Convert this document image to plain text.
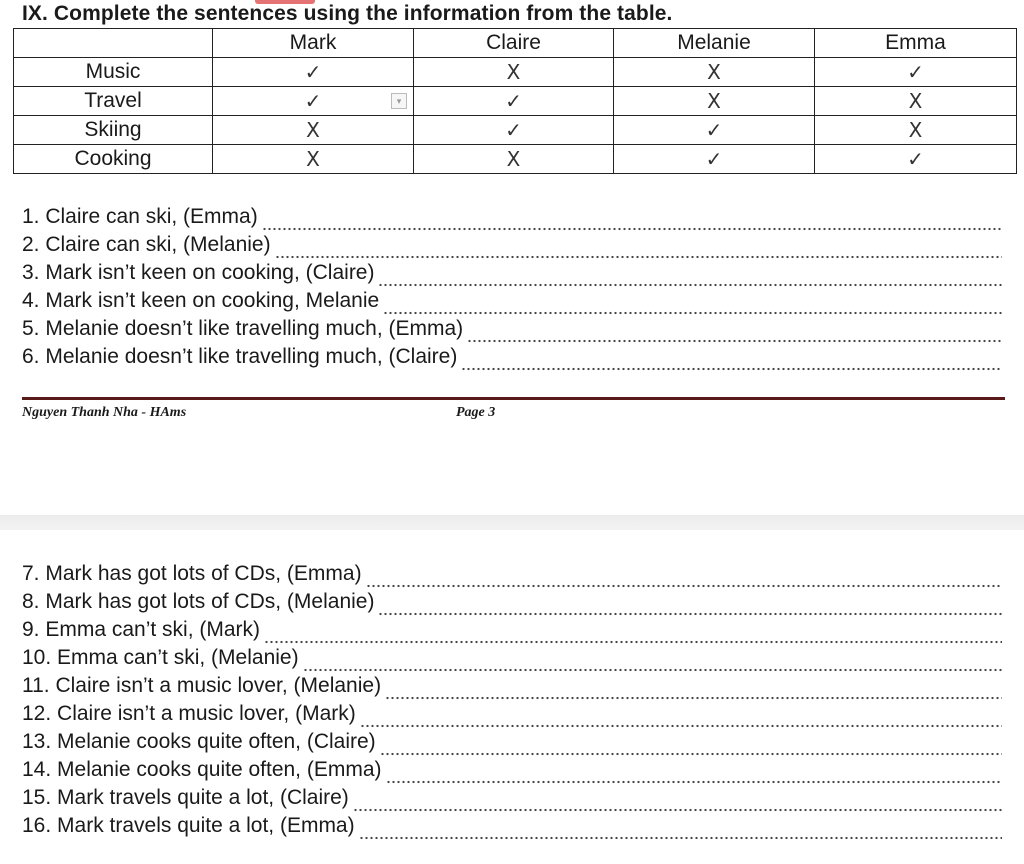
IX. Complete the sentences using the information from the table.
	Mark	Claire	Melanie	Emma
Music	✓	X	X	✓
Travel	✓	✓	X	X
Skiing	X	✓	✓	X
Cooking	X	X	✓	✓
▾
1. Claire can ski, (Emma)
2. Claire can ski, (Melanie)
3. Mark isn’t keen on cooking, (Claire)
4. Mark isn’t keen on cooking, Melanie
5. Melanie doesn’t like travelling much, (Emma)
6. Melanie doesn’t like travelling much, (Claire)
Nguyen Thanh Nha - HAms	Page 3
7. Mark has got lots of CDs, (Emma)
8. Mark has got lots of CDs, (Melanie)
9. Emma can’t ski, (Mark)
10. Emma can’t ski, (Melanie)
11. Claire isn’t a music lover, (Melanie)
12. Claire isn’t a music lover, (Mark)
13. Melanie cooks quite often, (Claire)
14. Melanie cooks quite often, (Emma)
15. Mark travels quite a lot, (Claire)
16. Mark travels quite a lot, (Emma)
